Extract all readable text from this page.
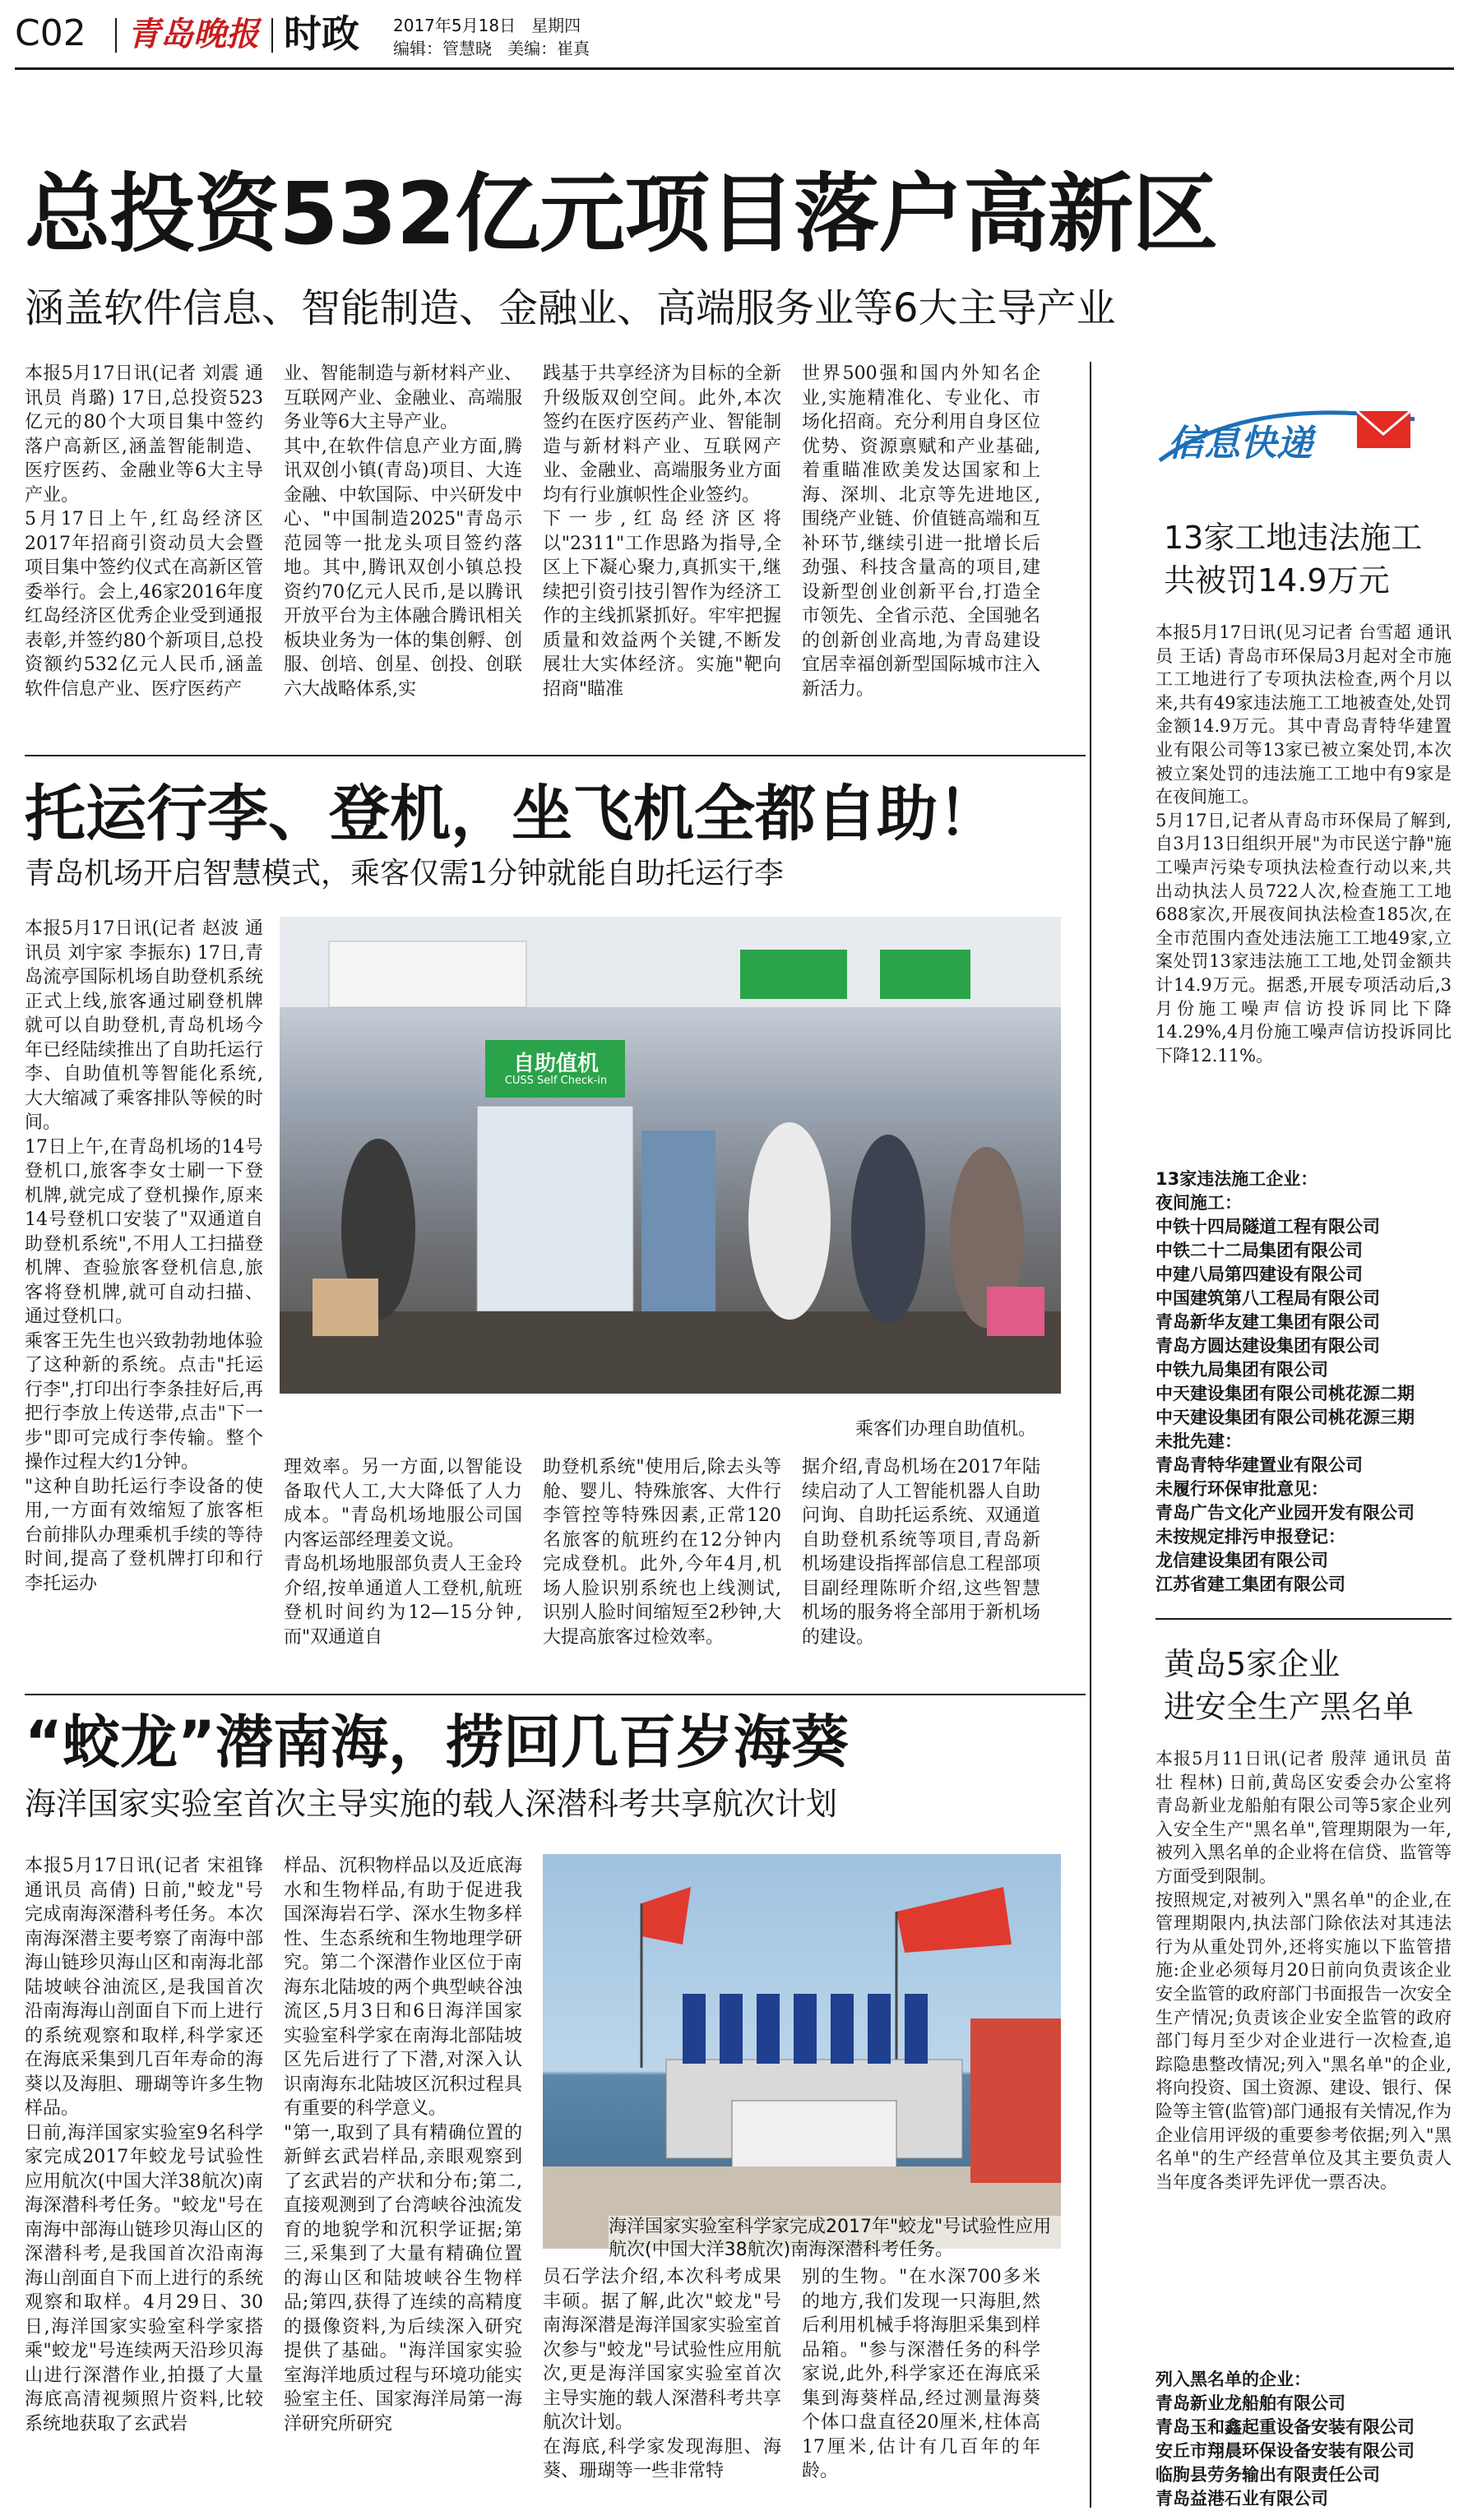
C02 青岛晚报 时政 2017年5月18日   星期四
编辑：管慧晓   美编：崔真
总投资532亿元项目落户高新区
涵盖软件信息、智能制造、金融业、高端服务业等6大主导产业
本报5月17日讯(记者 刘震 通讯员 肖璐) 17日,总投资523亿元的80个大项目集中签约落户高新区,涵盖智能制造、医疗医药、金融业等6大主导产业。
5月17日上午,红岛经济区2017年招商引资动员大会暨项目集中签约仪式在高新区管委举行。会上,46家2016年度红岛经济区优秀企业受到通报表彰,并签约80个新项目,总投资额约532亿元人民币,涵盖软件信息产业、医疗医药产
业、智能制造与新材料产业、互联网产业、金融业、高端服务业等6大主导产业。
其中,在软件信息产业方面,腾讯双创小镇(青岛)项目、大连金融、中软国际、中兴研发中心、"中国制造2025"青岛示范园等一批龙头项目签约落地。其中,腾讯双创小镇总投资约70亿元人民币,是以腾讯开放平台为主体融合腾讯相关板块业务为一体的集创孵、创服、创培、创星、创投、创联六大战略体系,实
践基于共享经济为目标的全新升级版双创空间。此外,本次签约在医疗医药产业、智能制造与新材料产业、互联网产业、金融业、高端服务业方面均有行业旗帜性企业签约。
下一步,红岛经济区将以"2311"工作思路为指导,全区上下凝心聚力,真抓实干,继续把引资引技引智作为经济工作的主线抓紧抓好。牢牢把握质量和效益两个关键,不断发展壮大实体经济。实施"靶向招商"瞄准
世界500强和国内外知名企业,实施精准化、专业化、市场化招商。充分利用自身区位优势、资源禀赋和产业基础,着重瞄准欧美发达国家和上海、深圳、北京等先进地区,围绕产业链、价值链高端和互补环节,继续引进一批增长后劲强、科技含量高的项目,建设新型创业创新平台,打造全市领先、全省示范、全国驰名的创新创业高地,为青岛建设宜居幸福创新型国际城市注入新活力。
托运行李、登机，坐飞机全都自助！
青岛机场开启智慧模式，乘客仅需1分钟就能自助托运行李
本报5月17日讯(记者 赵波 通讯员 刘宇家 李振东) 17日,青岛流亭国际机场自助登机系统正式上线,旅客通过刷登机牌就可以自助登机,青岛机场今年已经陆续推出了自助托运行李、自助值机等智能化系统,大大缩减了乘客排队等候的时间。
17日上午,在青岛机场的14号登机口,旅客李女士刷一下登机牌,就完成了登机操作,原来14号登机口安装了"双通道自助登机系统",不用人工扫描登机牌、查验旅客登机信息,旅客将登机牌,就可自动扫描、通过登机口。
乘客王先生也兴致勃勃地体验了这种新的系统。点击"托运行李",打印出行李条挂好后,再把行李放上传送带,点击"下一步"即可完成行李传输。整个操作过程大约1分钟。
"这种自助托运行李设备的使用,一方面有效缩短了旅客柜台前排队办理乘机手续的等待时间,提高了登机牌打印和行李托运办
自助值机
CUSS Self Check-in
乘客们办理自助值机。
理效率。另一方面,以智能设备取代人工,大大降低了人力成本。"青岛机场地服公司国内客运部经理姜文说。
青岛机场地服部负责人王金玲介绍,按单通道人工登机,航班登机时间约为12—15分钟,而"双通道自
助登机系统"使用后,除去头等舱、婴儿、特殊旅客、大件行李管控等特殊因素,正常120名旅客的航班约在12分钟内完成登机。此外,今年4月,机场人脸识别系统也上线测试,识别人脸时间缩短至2秒钟,大大提高旅客过检效率。
据介绍,青岛机场在2017年陆续启动了人工智能机器人自助问询、自助托运系统、双通道自助登机系统等项目,青岛新机场建设指挥部信息工程部项目副经理陈昕介绍,这些智慧机场的服务将全部用于新机场的建设。
“蛟龙”潜南海，捞回几百岁海葵
海洋国家实验室首次主导实施的载人深潜科考共享航次计划
本报5月17日讯(记者 宋祖锋 通讯员 高倩) 日前,"蛟龙"号完成南海深潜科考任务。本次南海深潜主要考察了南海中部海山链珍贝海山区和南海北部陆坡峡谷油流区,是我国首次沿南海海山剖面自下而上进行的系统观察和取样,科学家还在海底采集到几百年寿命的海葵以及海胆、珊瑚等许多生物样品。
日前,海洋国家实验室9名科学家完成2017年蛟龙号试验性应用航次(中国大洋38航次)南海深潜科考任务。"蛟龙"号在南海中部海山链珍贝海山区的深潜科考,是我国首次沿南海海山剖面自下而上进行的系统观察和取样。4月29日、30日,海洋国家实验室科学家搭乘"蛟龙"号连续两天沿珍贝海山进行深潜作业,拍摄了大量海底高清视频照片资料,比较系统地获取了玄武岩
样品、沉积物样品以及近底海水和生物样品,有助于促进我国深海岩石学、深水生物多样性、生态系统和生物地理学研究。第二个深潜作业区位于南海东北陆坡的两个典型峡谷浊流区,5月3日和6日海洋国家实验室科学家在南海北部陆坡区先后进行了下潜,对深入认识南海东北陆坡区沉积过程具有重要的科学意义。
"第一,取到了具有精确位置的新鲜玄武岩样品,亲眼观察到了玄武岩的产状和分布;第二,直接观测到了台湾峡谷浊流发育的地貌学和沉积学证据;第三,采集到了大量有精确位置的海山区和陆坡峡谷生物样品;第四,获得了连续的高精度的摄像资料,为后续深入研究提供了基础。"海洋国家实验室海洋地质过程与环境功能实验室主任、国家海洋局第一海洋研究所研究
海洋国家实验室科学家完成2017年"蛟龙"号试验性应用航次(中国大洋38航次)南海深潜科考任务。
员石学法介绍,本次科考成果丰硕。据了解,此次"蛟龙"号南海深潜是海洋国家实验室首次参与"蛟龙"号试验性应用航次,更是海洋国家实验室首次主导实施的载人深潜科考共享航次计划。
在海底,科学家发现海胆、海葵、珊瑚等一些非常特
别的生物。"在水深700多米的地方,我们发现一只海胆,然后利用机械手将海胆采集到样品箱。"参与深潜任务的科学家说,此外,科学家还在海底采集到海葵样品,经过测量海葵个体口盘直径20厘米,柱体高17厘米,估计有几百年的年龄。
信息快递
13家工地违法施工
共被罚14.9万元
本报5月17日讯(见习记者 台雪超 通讯员 王话) 青岛市环保局3月起对全市施工工地进行了专项执法检查,两个月以来,共有49家违法施工工地被查处,处罚金额14.9万元。其中青岛青特华建置业有限公司等13家已被立案处罚,本次被立案处罚的违法施工工地中有9家是在夜间施工。
5月17日,记者从青岛市环保局了解到,自3月13日组织开展"为市民送宁静"施工噪声污染专项执法检查行动以来,共出动执法人员722人次,检查施工工地688家次,开展夜间执法检查185次,在全市范围内查处违法施工工地49家,立案处罚13家违法施工工地,处罚金额共计14.9万元。据悉,开展专项活动后,3月份施工噪声信访投诉同比下降14.29%,4月份施工噪声信访投诉同比下降12.11%。
13家违法施工企业：
夜间施工：
中铁十四局隧道工程有限公司
中铁二十二局集团有限公司
中建八局第四建设有限公司
中国建筑第八工程局有限公司
青岛新华友建工集团有限公司
青岛方圆达建设集团有限公司
中铁九局集团有限公司
中天建设集团有限公司桃花源二期
中天建设集团有限公司桃花源三期
未批先建：
青岛青特华建置业有限公司
未履行环保审批意见：
青岛广告文化产业园开发有限公司
未按规定排污申报登记：
龙信建设集团有限公司
江苏省建工集团有限公司
黄岛5家企业
进安全生产黑名单
本报5月11日讯(记者 殷萍 通讯员 苗壮 程林) 日前,黄岛区安委会办公室将青岛新业龙船舶有限公司等5家企业列入安全生产"黑名单",管理期限为一年,被列入黑名单的企业将在信贷、监管等方面受到限制。
按照规定,对被列入"黑名单"的企业,在管理期限内,执法部门除依法对其违法行为从重处罚外,还将实施以下监管措施:企业必须每月20日前向负责该企业安全监管的政府部门书面报告一次安全生产情况;负责该企业安全监管的政府部门每月至少对企业进行一次检查,追踪隐患整改情况;列入"黑名单"的企业,将向投资、国土资源、建设、银行、保险等主管(监管)部门通报有关情况,作为企业信用评级的重要参考依据;列入"黑名单"的生产经营单位及其主要负责人当年度各类评先评优一票否决。
列入黑名单的企业：
青岛新业龙船舶有限公司
青岛玉和鑫起重设备安装有限公司
安丘市翔晨环保设备安装有限公司
临朐县劳务输出有限责任公司
青岛益港石业有限公司
